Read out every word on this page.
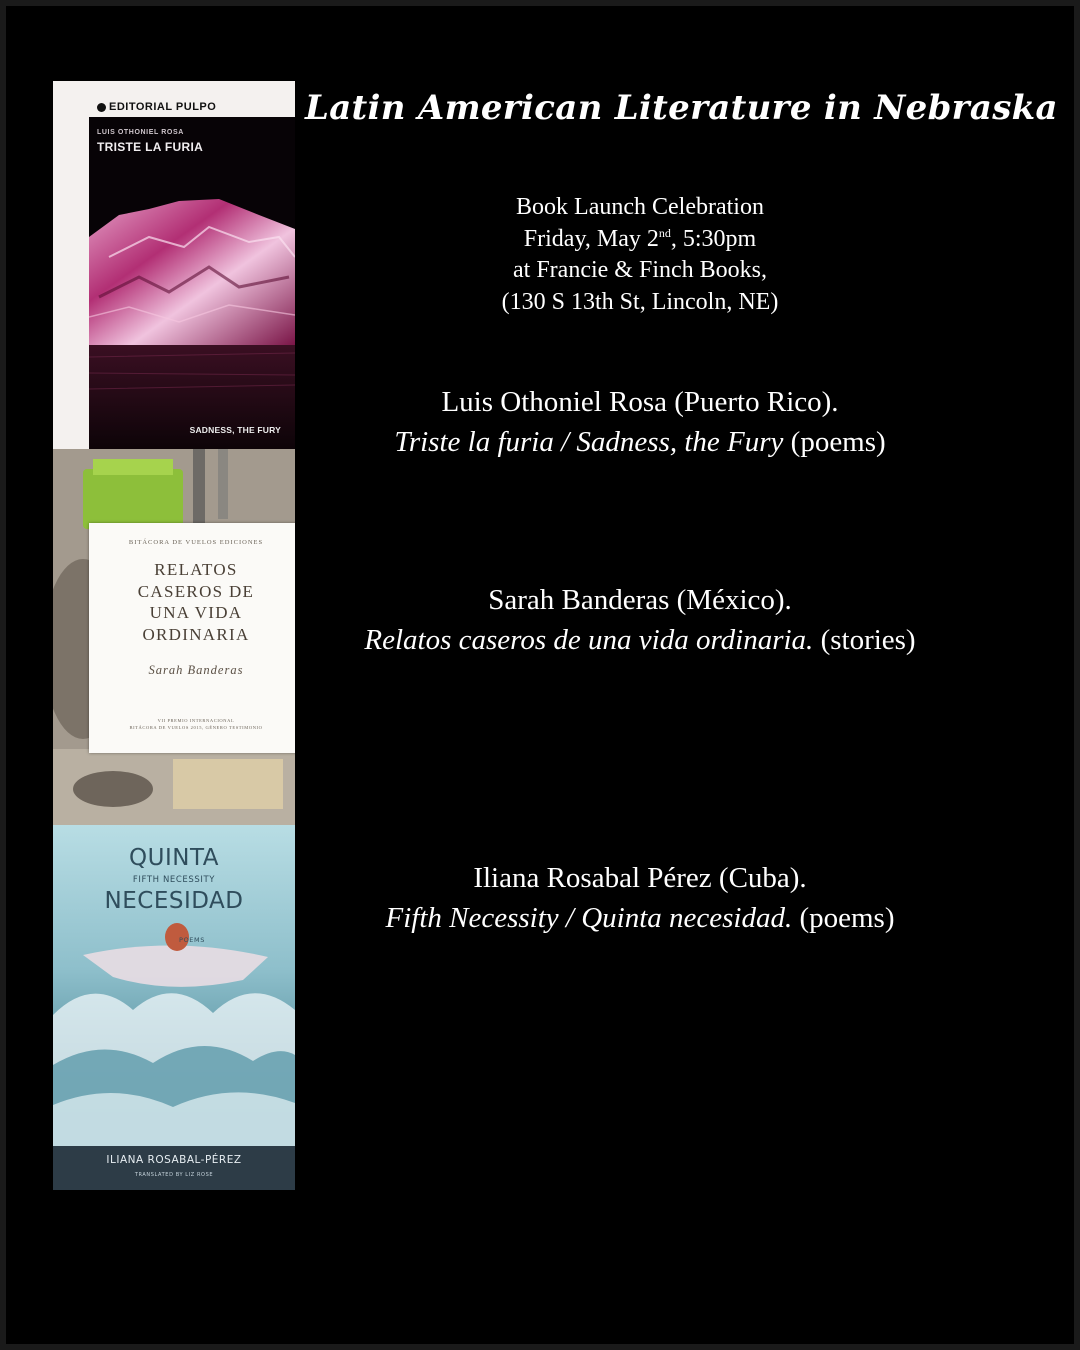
EDITORIAL PULPO
LUIS OTHONIEL ROSA
TRISTE LA FURIA
SADNESS, THE FURY
BITÁCORA DE VUELOS EDICIONES
RELATOS
CASEROS DE
UNA VIDA
ORDINARIA
Sarah Banderas
VII PREMIO INTERNACIONAL
BITÁCORA DE VUELOS 2015, GÉNERO TESTIMONIO
QUINTA
FIFTH NECESSITY
NECESIDAD
POEMS
ILIANA ROSABAL-PÉREZ
TRANSLATED BY LIZ ROSE
Latin American Literature in Nebraska
Book Launch Celebration
Friday, May 2nd, 5:30pm
at Francie & Finch Books,
(130 S 13th St, Lincoln, NE)
Luis Othoniel Rosa (Puerto Rico).
Triste la furia / Sadness, the Fury (poems)
Sarah Banderas (México).
Relatos caseros de una vida ordinaria. (stories)
Iliana Rosabal Pérez (Cuba).
Fifth Necessity / Quinta necesidad. (poems)
